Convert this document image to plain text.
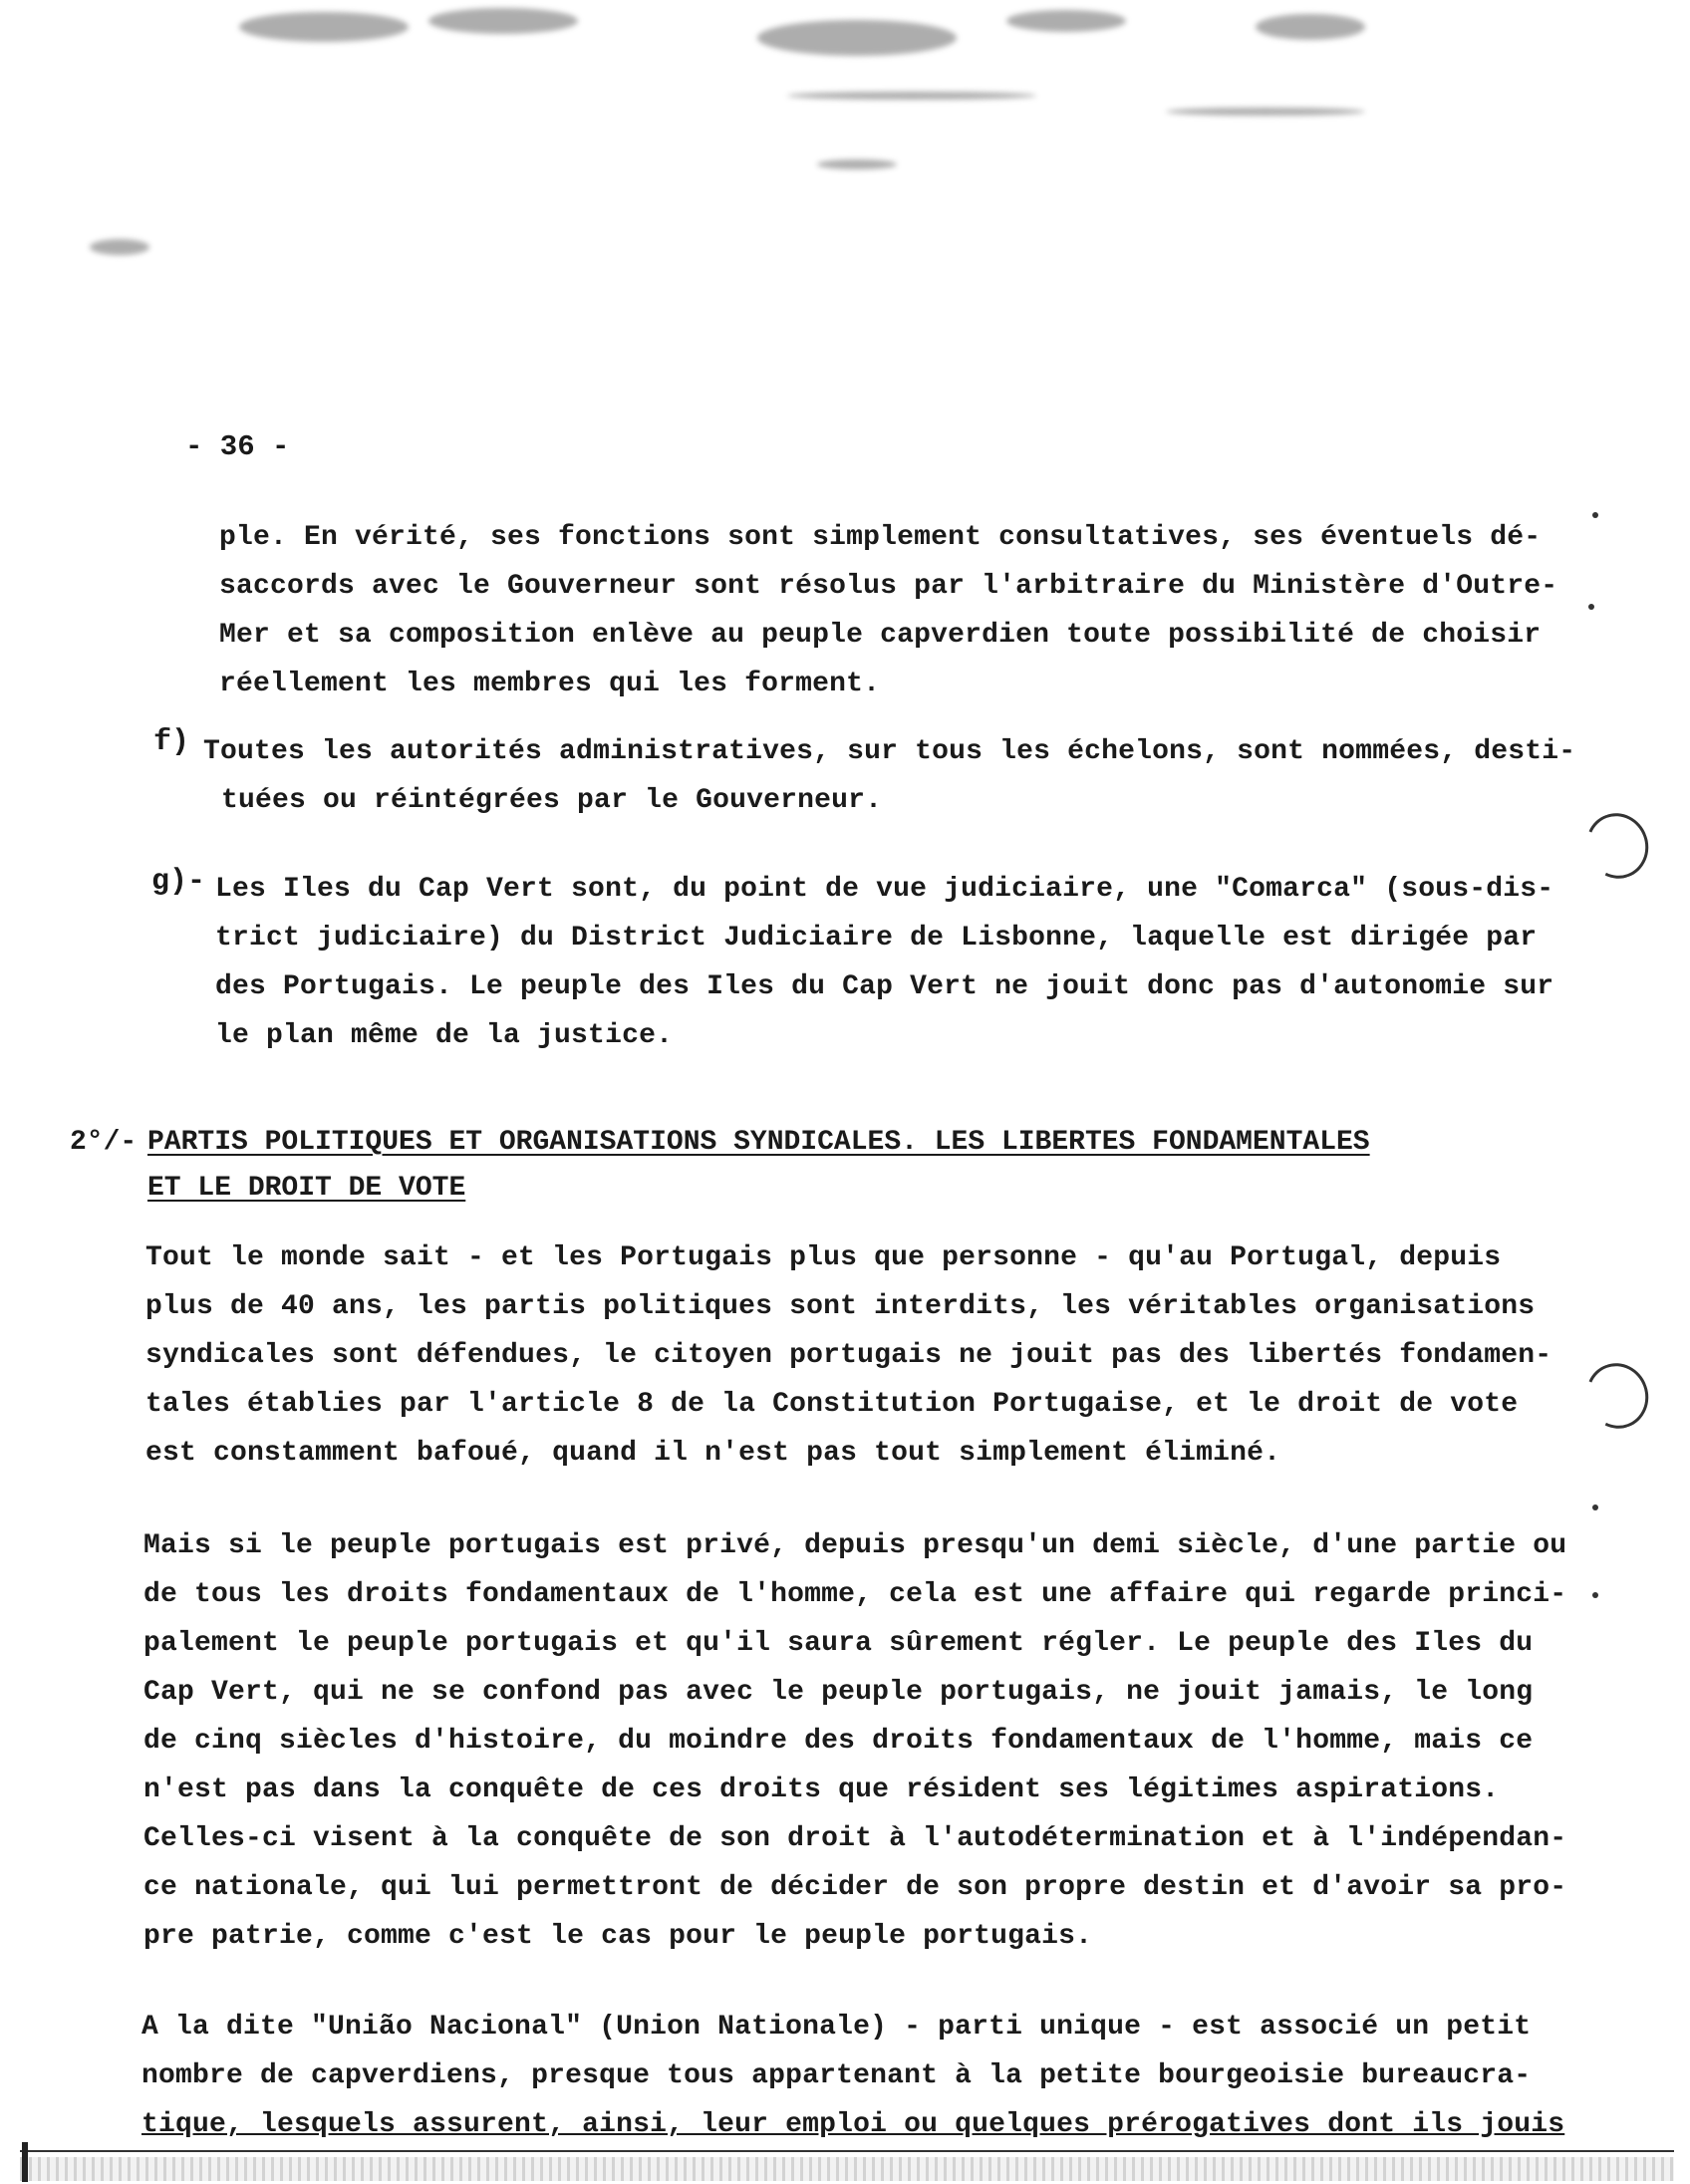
- 36 -
ple. En vérité, ses fonctions sont simplement consultatives, ses éventuels dé-
saccords avec le Gouverneur sont résolus par l'arbitraire du Ministère d'Outre-
Mer et sa composition enlève au peuple capverdien toute possibilité de choisir
réellement les membres qui les forment.
f) Toutes les autorités administratives, sur tous les échelons, sont nommées, desti-
tuées ou réintégrées par le Gouverneur.
g)- Les Iles du Cap Vert sont, du point de vue judiciaire, une "Comarca" (sous-dis-
trict judiciaire) du District Judiciaire de Lisbonne, laquelle est dirigée par
des Portugais. Le peuple des Iles du Cap Vert ne jouit donc pas d'autonomie sur
le plan même de la justice.
2°/- PARTIS POLITIQUES ET ORGANISATIONS SYNDICALES. LES LIBERTES FONDAMENTALES
ET LE DROIT DE VOTE
Tout le monde sait - et les Portugais plus que personne - qu'au Portugal, depuis
plus de 40 ans, les partis politiques sont interdits, les véritables organisations
syndicales sont défendues, le citoyen portugais ne jouit pas des libertés fondamen-
tales établies par l'article 8 de la Constitution Portugaise, et le droit de vote
est constamment bafoué, quand il n'est pas tout simplement éliminé.
Mais si le peuple portugais est privé, depuis presqu'un demi siècle, d'une partie ou
de tous les droits fondamentaux de l'homme, cela est une affaire qui regarde princi-
palement le peuple portugais et qu'il saura sûrement régler. Le peuple des Iles du
Cap Vert, qui ne se confond pas avec le peuple portugais, ne jouit jamais, le long
de cinq siècles d'histoire, du moindre des droits fondamentaux de l'homme, mais ce
n'est pas dans la conquête de ces droits que résident ses légitimes aspirations.
Celles-ci visent à la conquête de son droit à l'autodétermination et à l'indépendan-
ce nationale, qui lui permettront de décider de son propre destin et d'avoir sa pro-
pre patrie, comme c'est le cas pour le peuple portugais.
A la dite "União Nacional" (Union Nationale) - parti unique - est associé un petit
nombre de capverdiens, presque tous appartenant à la petite bourgeoisie bureaucra-
tique, lesquels assurent, ainsi, leur emploi ou quelques prérogatives dont ils jouis
